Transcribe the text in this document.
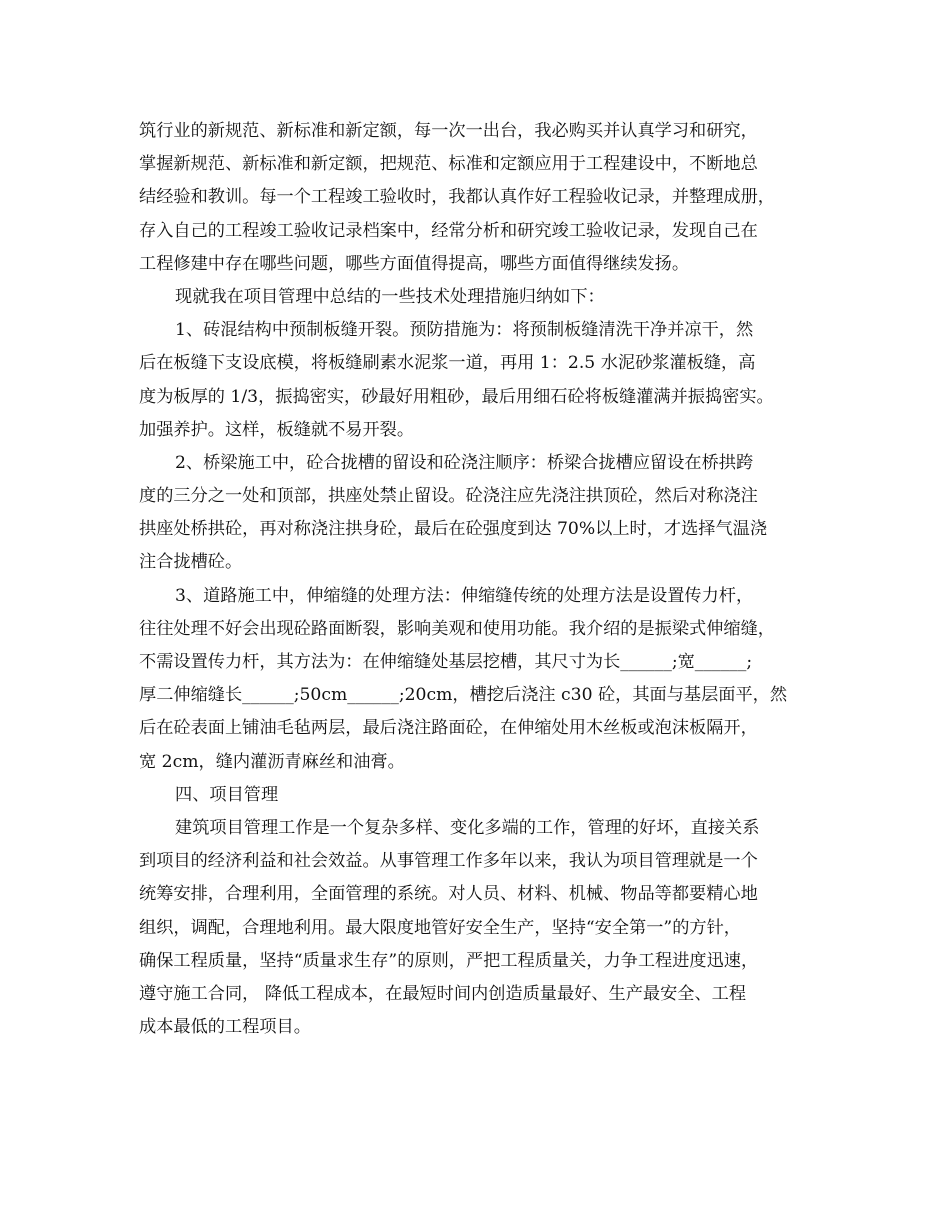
筑行业的新规范、新标准和新定额，每一次一出台，我必购买并认真学习和研究，
掌握新规范、新标准和新定额，把规范、标准和定额应用于工程建设中，不断地总
结经验和教训。每一个工程竣工验收时，我都认真作好工程验收记录，并整理成册，
存入自己的工程竣工验收记录档案中，经常分析和研究竣工验收记录，发现自己在
工程修建中存在哪些问题，哪些方面值得提高，哪些方面值得继续发扬。
现就我在项目管理中总结的一些技术处理措施归纳如下：
1、砖混结构中预制板缝开裂。预防措施为：将预制板缝清洗干净并凉干，然
后在板缝下支设底模，将板缝刷素水泥浆一道，再用 1：2.5 水泥砂浆灌板缝，高
度为板厚的 1/3，振捣密实，砂最好用粗砂，最后用细石砼将板缝灌满并振捣密实。
加强养护。这样，板缝就不易开裂。
2、桥梁施工中，砼合拢槽的留设和砼浇注顺序：桥梁合拢槽应留设在桥拱跨
度的三分之一处和顶部，拱座处禁止留设。砼浇注应先浇注拱顶砼，然后对称浇注
拱座处桥拱砼，再对称浇注拱身砼，最后在砼强度到达 70%以上时，才选择气温浇
注合拢槽砼。
3、道路施工中，伸缩缝的处理方法：伸缩缝传统的处理方法是设置传力杆，
往往处理不好会出现砼路面断裂，影响美观和使用功能。我介绍的是振梁式伸缩缝，
不需设置传力杆，其方法为：在伸缩缝处基层挖槽，其尺寸为长______;宽______;
厚二伸缩缝长______;50cm______;20cm，槽挖后浇注 c30 砼，其面与基层面平，然
后在砼表面上铺油毛毡两层，最后浇注路面砼，在伸缩处用木丝板或泡沫板隔开，
宽 2cm，缝内灌沥青麻丝和油膏。
四、项目管理
建筑项目管理工作是一个复杂多样、变化多端的工作，管理的好坏，直接关系
到项目的经济利益和社会效益。从事管理工作多年以来，我认为项目管理就是一个
统筹安排，合理利用，全面管理的系统。对人员、材料、机械、物品等都要精心地
组织，调配，合理地利用。最大限度地管好安全生产，坚持“安全第一”的方针，
确保工程质量，坚持“质量求生存”的原则，严把工程质量关，力争工程进度迅速，
遵守施工合同， 降低工程成本，在最短时间内创造质量最好、生产最安全、工程
成本最低的工程项目。
